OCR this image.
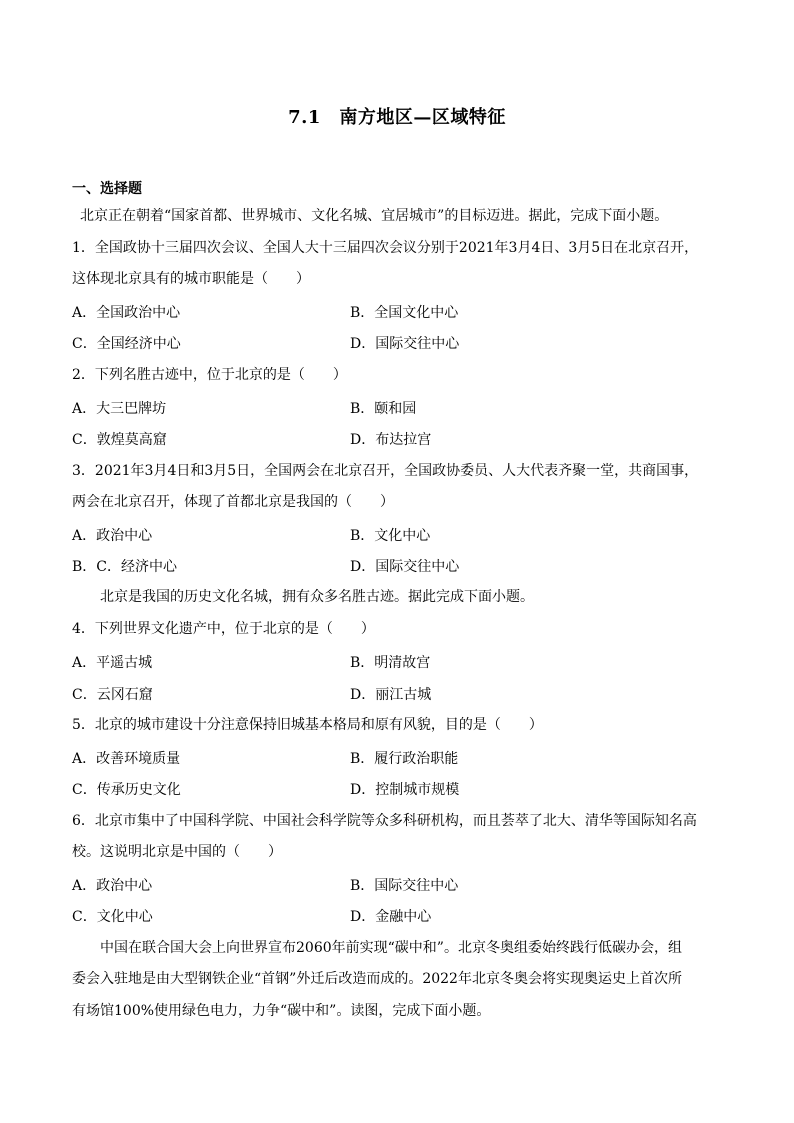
7.1　南方地区—区域特征
一、选择题
北京正在朝着“国家首都、世界城市、文化名城、宜居城市”的目标迈进。据此，完成下面小题。
1．全国政协十三届四次会议、全国人大十三届四次会议分别于2021年3月4日、3月5日在北京召开，
这体现北京具有的城市职能是（　　）
A．全国政治中心	B．全国文化中心
C．全国经济中心	D．国际交往中心
2．下列名胜古迹中，位于北京的是（　　）
A．大三巴牌坊	B．颐和园
C．敦煌莫高窟	D．布达拉宫
3．2021年3月4日和3月5日，全国两会在北京召开，全国政协委员、人大代表齐聚一堂，共商国事，
两会在北京召开，体现了首都北京是我国的（　　）
A．政治中心	B．文化中心
B．C．经济中心	D．国际交往中心
北京是我国的历史文化名城，拥有众多名胜古迹。据此完成下面小题。
4．下列世界文化遗产中，位于北京的是（　　）
A．平遥古城	B．明清故宫
C．云冈石窟	D．丽江古城
5．北京的城市建设十分注意保持旧城基本格局和原有风貌，目的是（　　）
A．改善环境质量	B．履行政治职能
C．传承历史文化	D．控制城市规模
6．北京市集中了中国科学院、中国社会科学院等众多科研机构，而且荟萃了北大、清华等国际知名高
校。这说明北京是中国的（　　）
A．政治中心	B．国际交往中心
C．文化中心	D．金融中心
中国在联合国大会上向世界宣布2060年前实现“碳中和”。北京冬奥组委始终践行低碳办会，组
委会入驻地是由大型钢铁企业“首钢”外迁后改造而成的。2022年北京冬奥会将实现奥运史上首次所
有场馆100%使用绿色电力，力争“碳中和”。读图，完成下面小题。
